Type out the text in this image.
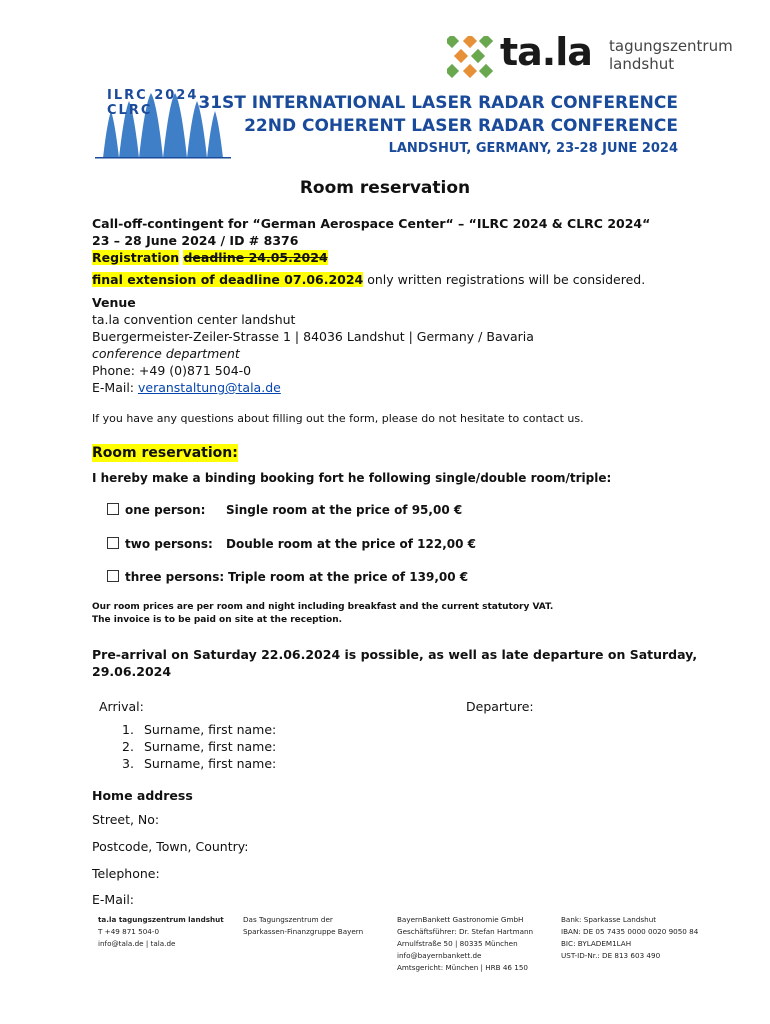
ta.la tagungszentrum
landshut
ILRC 2024 CLRC	31ST INTERNATIONAL LASER RADAR CONFERENCE
22ND COHERENT LASER RADAR CONFERENCE
LANDSHUT, GERMANY, 23-28 JUNE 2024
Room reservation
Call-off-contingent for “German Aerospace Center“ – “ILRC 2024 & CLRC 2024“
23 – 28 June 2024 / ID # 8376
Registration deadline 24.05.2024
final extension of deadline 07.06.2024 only written registrations will be considered.
Venue
ta.la convention center landshut
Buergermeister-Zeiler-Strasse 1 | 84036 Landshut | Germany / Bavaria
conference department
Phone: +49 (0)871 504-0
E-Mail: veranstaltung@tala.de
If you have any questions about filling out the form, please do not hesitate to contact us.
Room reservation:
I hereby make a binding booking fort he following single/double room/triple:
one person: Single room at the price of 95,00 €
two persons: Double room at the price of 122,00 €
three persons: Triple room at the price of 139,00 €
Our room prices are per room and night including breakfast and the current statutory VAT.
The invoice is to be paid on site at the reception.
Pre-arrival on Saturday 22.06.2024 is possible, as well as late departure on Saturday,
29.06.2024
Arrival:	Departure:
1. Surname, first name:
2. Surname, first name:
3. Surname, first name:
Home address
Street, No:
Postcode, Town, Country:
Telephone:
E-Mail:
ta.la tagungszentrum landshut
T +49 871 504-0
info@tala.de | tala.de
Das Tagungszentrum der
Sparkassen-Finanzgruppe Bayern
BayernBankett Gastronomie GmbH
Geschäftsführer: Dr. Stefan Hartmann
Arnulfstraße 50 | 80335 München
info@bayernbankett.de
Amtsgericht: München | HRB 46 150
Bank: Sparkasse Landshut
IBAN: DE 05 7435 0000 0020 9050 84
BIC: BYLADEM1LAH
UST-ID-Nr.: DE 813 603 490
